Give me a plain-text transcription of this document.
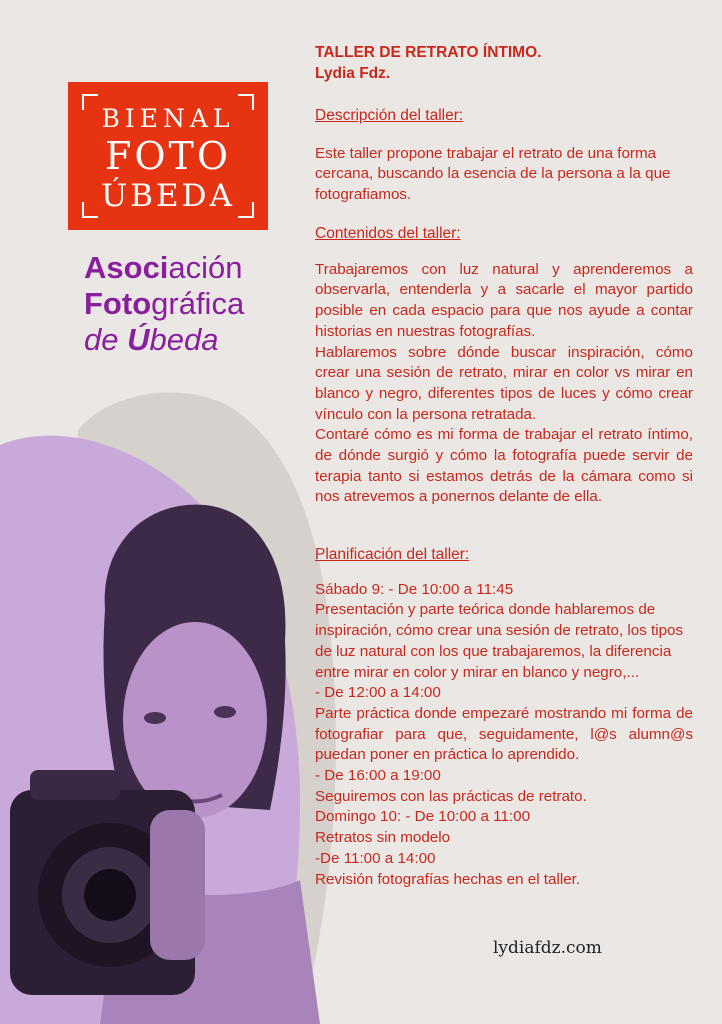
BIENAL
FOTO
ÚBEDA
Asociación
Fotográfica
de Úbeda
TALLER DE RETRATO ÍNTIMO.
Lydia Fdz.
Descripción del taller:
Este taller propone trabajar el retrato de una forma cercana, buscando la esencia de la persona a la que fotografiamos.
Contenidos del taller:
Trabajaremos con luz natural y aprenderemos a observarla, entenderla y a sacarle el mayor partido posible en cada espacio para que nos ayude a contar historias en nuestras fotografías.
Hablaremos sobre dónde buscar inspiración, cómo crear una sesión de retrato, mirar en color vs mirar en blanco y negro, diferentes tipos de luces y cómo crear vínculo con la persona retratada.
Contaré cómo es mi forma de trabajar el retrato íntimo, de dónde surgió y cómo la fotografía puede servir de terapia tanto si estamos detrás de la cámara como si nos atrevemos a ponernos delante de ella.
Planificación del taller:
Sábado 9: - De 10:00 a 11:45
Presentación y parte teórica donde hablaremos de inspiración, cómo crear una sesión de retrato, los tipos de luz natural con los que trabajaremos, la diferencia entre mirar en color y mirar en blanco y negro,...
- De 12:00 a 14:00
Parte práctica donde empezaré mostrando mi forma de fotografiar para que, seguidamente, l@s alumn@s puedan poner en práctica lo aprendido.
- De 16:00 a 19:00
Seguiremos con las prácticas de retrato.
Domingo 10: - De 10:00 a 11:00
Retratos sin modelo
-De 11:00 a 14:00
Revisión fotografías hechas en el taller.
lydiafdz.com
